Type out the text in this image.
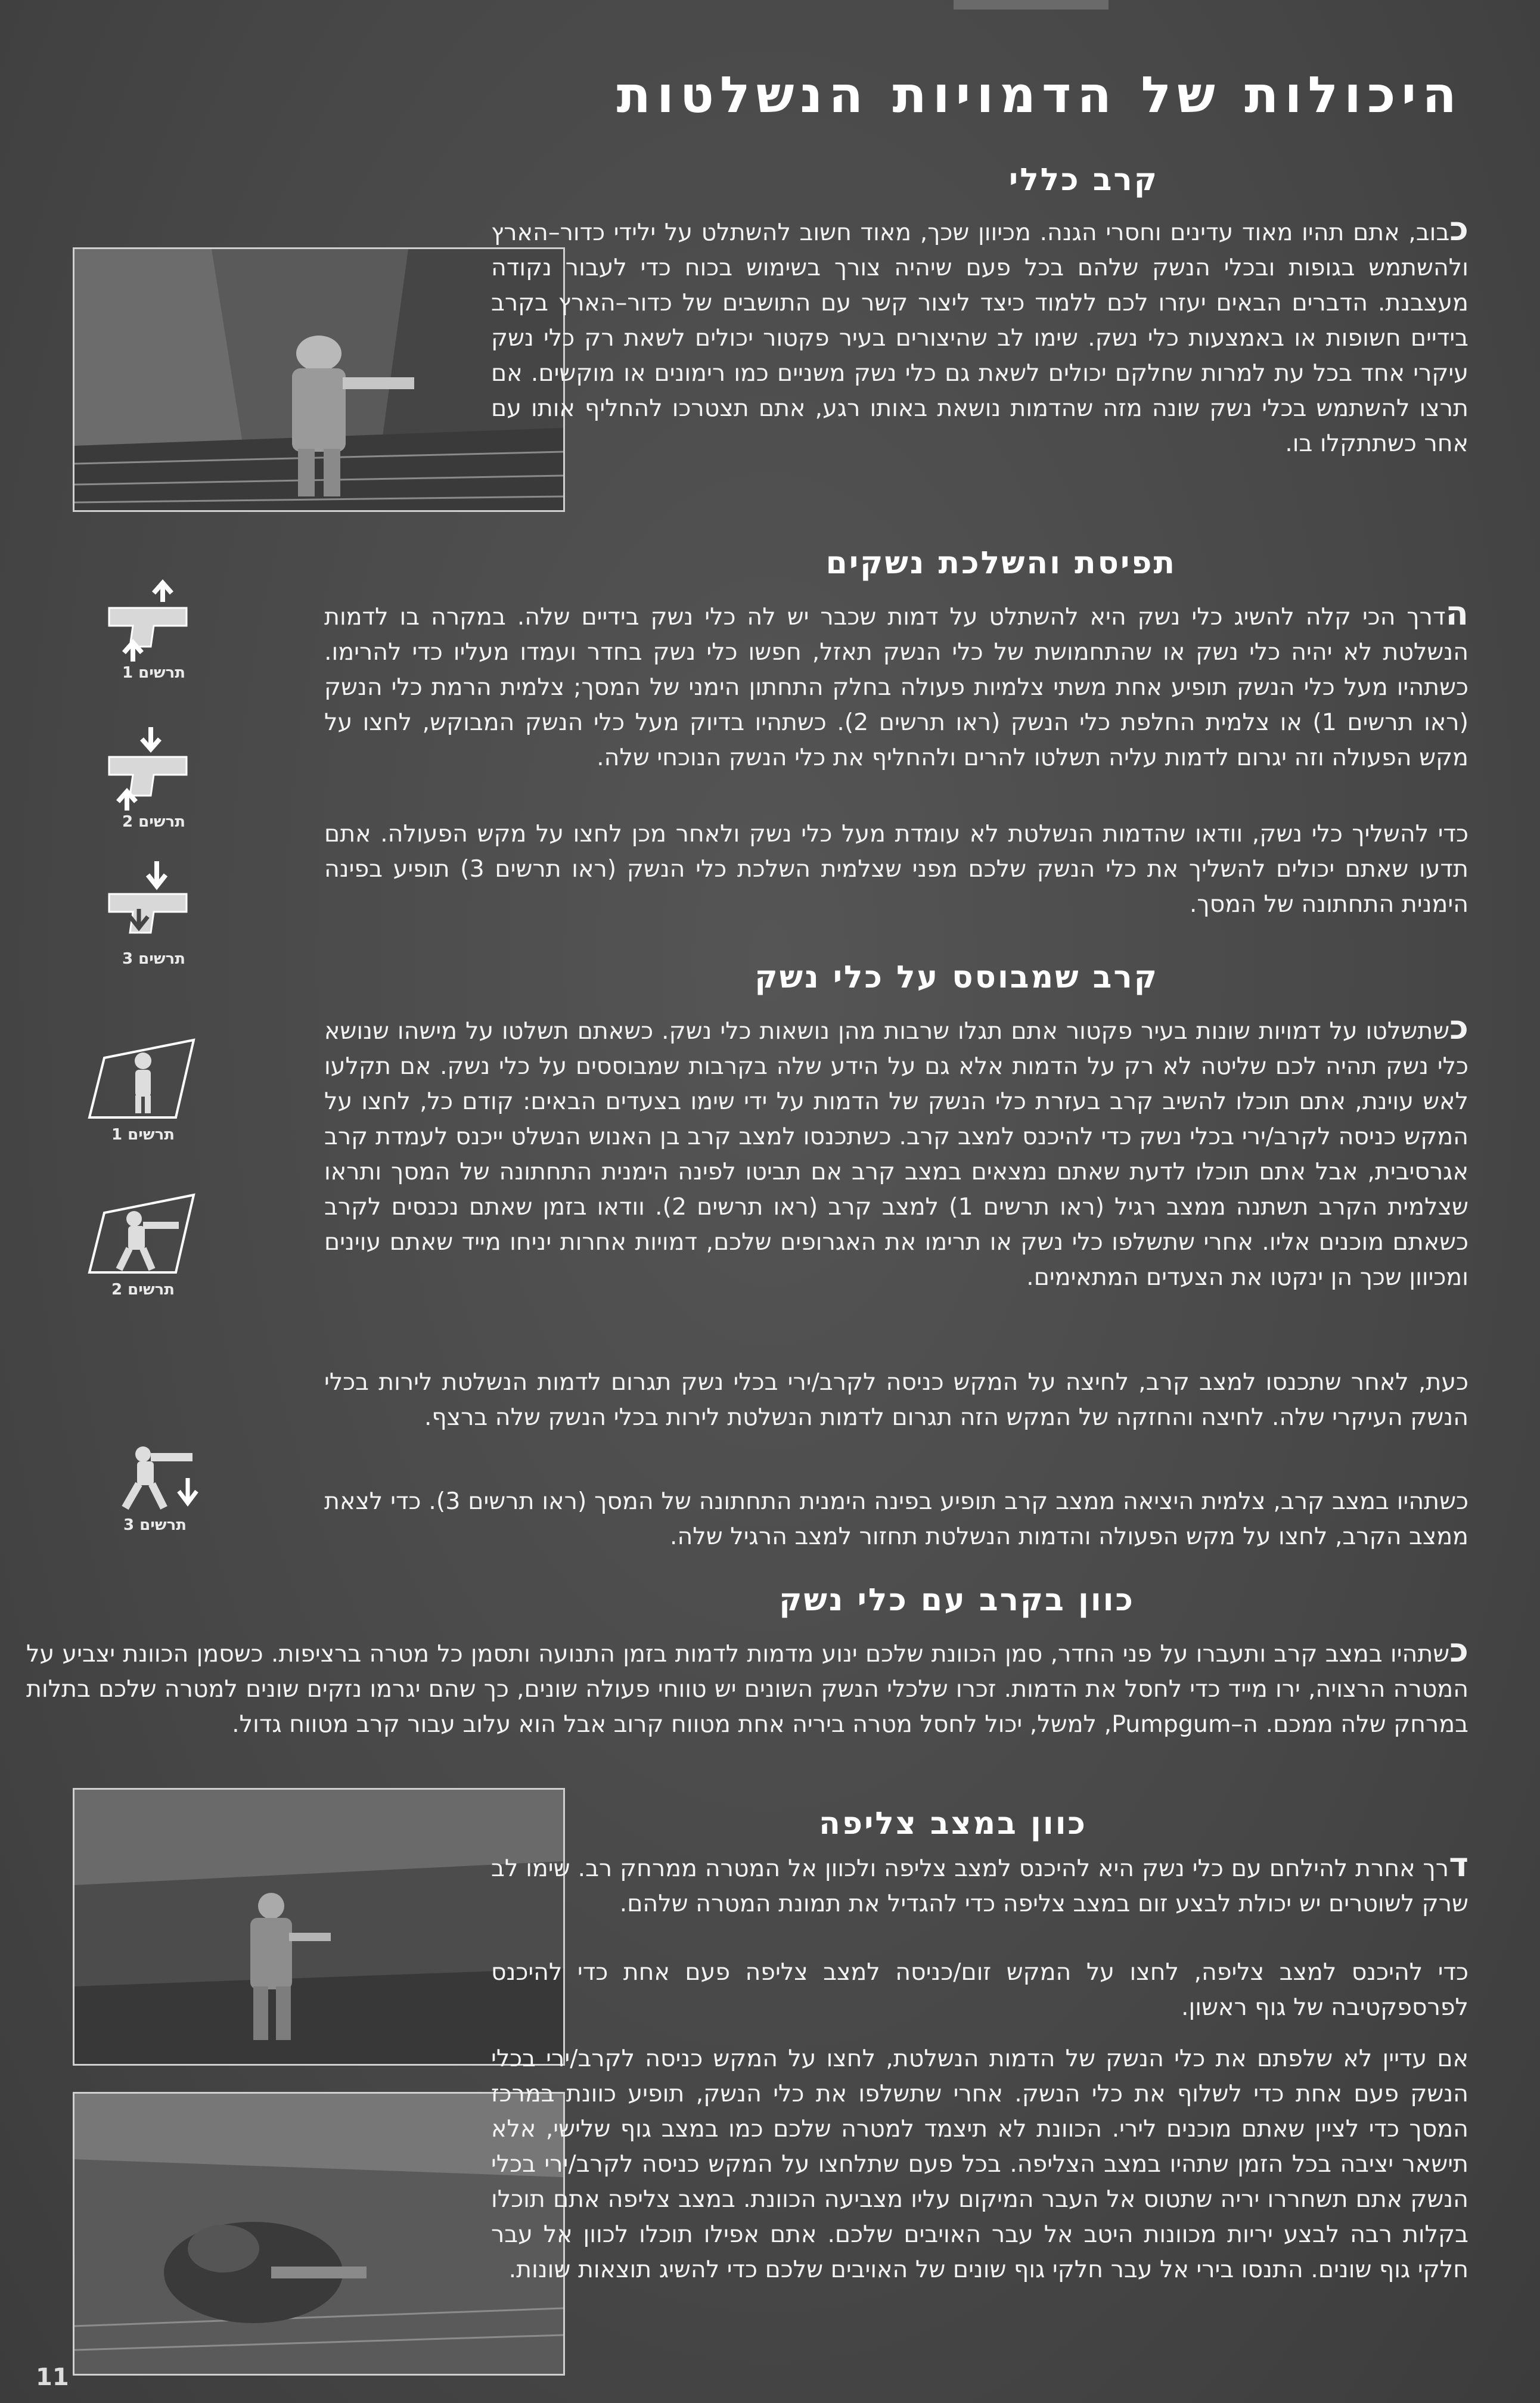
היכולות של הדמויות הנשלטות
קרב כללי

כבוב, אתם תהיו מאוד עדינים וחסרי הגנה. מכיוון שכך, מאוד חשוב להשתלט על ילידי כדור–הארץ ולהשתמש בגופות ובכלי הנשק שלהם בכל פעם שיהיה צורך בשימוש בכוח כדי לעבור נקודה מעצבנת. הדברים הבאים יעזרו לכם ללמוד כיצד ליצור קשר עם התושבים של כדור–הארץ בקרב בידיים חשופות או באמצעות כלי נשק. שימו לב שהיצורים בעיר פקטור יכולים לשאת רק כלי נשק עיקרי אחד בכל עת למרות שחלקם יכולים לשאת גם כלי נשק משניים כמו רימונים או מוקשים. אם תרצו להשתמש בכלי נשק שונה מזה שהדמות נושאת באותו רגע, אתם תצטרכו להחליף אותו עם אחר כשתתקלו בו.

תפיסת והשלכת נשקים

הדרך הכי קלה להשיג כלי נשק היא להשתלט על דמות שכבר יש לה כלי נשק בידיים שלה. במקרה בו לדמות הנשלטת לא יהיה כלי נשק או שהתחמושת של כלי הנשק תאזל, חפשו כלי נשק בחדר ועמדו מעליו כדי להרימו. כשתהיו מעל כלי הנשק תופיע אחת משתי צלמיות פעולה בחלק התחתון הימני של המסך; צלמית הרמת כלי הנשק (ראו תרשים 1) או צלמית החלפת כלי הנשק (ראו תרשים 2). כשתהיו בדיוק מעל כלי הנשק המבוקש, לחצו על מקש הפעולה וזה יגרום לדמות עליה תשלטו להרים ולהחליף את כלי הנשק הנוכחי שלה.

כדי להשליך כלי נשק, וודאו שהדמות הנשלטת לא עומדת מעל כלי נשק ולאחר מכן לחצו על מקש הפעולה. אתם תדעו שאתם יכולים להשליך את כלי הנשק שלכם מפני שצלמית השלכת כלי הנשק (ראו תרשים 3) תופיע בפינה הימנית התחתונה של המסך.

תרשים 1
תרשים 2
תרשים 3
קרב שמבוסס על כלי נשק

כשתשלטו על דמויות שונות בעיר פקטור אתם תגלו שרבות מהן נושאות כלי נשק. כשאתם תשלטו על מישהו שנושא כלי נשק תהיה לכם שליטה לא רק על הדמות אלא גם על הידע שלה בקרבות שמבוססים על כלי נשק. אם תקלעו לאש עוינת, אתם תוכלו להשיב קרב בעזרת כלי הנשק של הדמות על ידי שימו בצעדים הבאים: קודם כל, לחצו על המקש כניסה לקרב/ירי בכלי נשק כדי להיכנס למצב קרב. כשתכנסו למצב קרב בן האנוש הנשלט ייכנס לעמדת קרב אגרסיבית, אבל אתם תוכלו לדעת שאתם נמצאים במצב קרב אם תביטו לפינה הימנית התחתונה של המסך ותראו שצלמית הקרב תשתנה ממצב רגיל (ראו תרשים 1) למצב קרב (ראו תרשים 2). וודאו בזמן שאתם נכנסים לקרב כשאתם מוכנים אליו. אחרי שתשלפו כלי נשק או תרימו את האגרופים שלכם, דמויות אחרות יניחו מייד שאתם עוינים ומכיוון שכך הן ינקטו את הצעדים המתאימים.

כעת, לאחר שתכנסו למצב קרב, לחיצה על המקש כניסה לקרב/ירי בכלי נשק תגרום לדמות הנשלטת לירות בכלי הנשק העיקרי שלה. לחיצה והחזקה של המקש הזה תגרום לדמות הנשלטת לירות בכלי הנשק שלה ברצף.

כשתהיו במצב קרב, צלמית היציאה ממצב קרב תופיע בפינה הימנית התחתונה של המסך (ראו תרשים 3). כדי לצאת ממצב הקרב, לחצו על מקש הפעולה והדמות הנשלטת תחזור למצב הרגיל שלה.

תרשים 1
תרשים 2
תרשים 3
כוון בקרב עם כלי נשק

כשתהיו במצב קרב ותעברו על פני החדר, סמן הכוונת שלכם ינוע מדמות לדמות בזמן התנועה ותסמן כל מטרה ברציפות. כשסמן הכוונת יצביע על המטרה הרצויה, ירו מייד כדי לחסל את הדמות. זכרו שלכלי הנשק השונים יש טווחי פעולה שונים, כך שהם יגרמו נזקים שונים למטרה שלכם בתלות במרחק שלה ממכם. ה–Pumpgum, למשל, יכול לחסל מטרה ביריה אחת מטווח קרוב אבל הוא עלוב עבור קרב מטווח גדול.

כוון במצב צליפה

דרך אחרת להילחם עם כלי נשק היא להיכנס למצב צליפה ולכוון אל המטרה ממרחק רב. שימו לב שרק לשוטרים יש יכולת לבצע זום במצב צליפה כדי להגדיל את תמונת המטרה שלהם.

כדי להיכנס למצב צליפה, לחצו על המקש זום/כניסה למצב צליפה פעם אחת כדי להיכנס לפרספקטיבה של גוף ראשון.

אם עדיין לא שלפתם את כלי הנשק של הדמות הנשלטת, לחצו על המקש כניסה לקרב/ירי בכלי הנשק פעם אחת כדי לשלוף את כלי הנשק. אחרי שתשלפו את כלי הנשק, תופיע כוונת במרכז המסך כדי לציין שאתם מוכנים לירי. הכוונת לא תיצמד למטרה שלכם כמו במצב גוף שלישי, אלא תישאר יציבה בכל הזמן שתהיו במצב הצליפה. בכל פעם שתלחצו על המקש כניסה לקרב/ירי בכלי הנשק אתם תשחררו יריה שתטוס אל העבר המיקום עליו מצביעה הכוונת. במצב צליפה אתם תוכלו בקלות רבה לבצע יריות מכוונות היטב אל עבר האויבים שלכם. אתם אפילו תוכלו לכוון אל עבר חלקי גוף שונים. התנסו בירי אל עבר חלקי גוף שונים של האויבים שלכם כדי להשיג תוצאות שונות.

11
